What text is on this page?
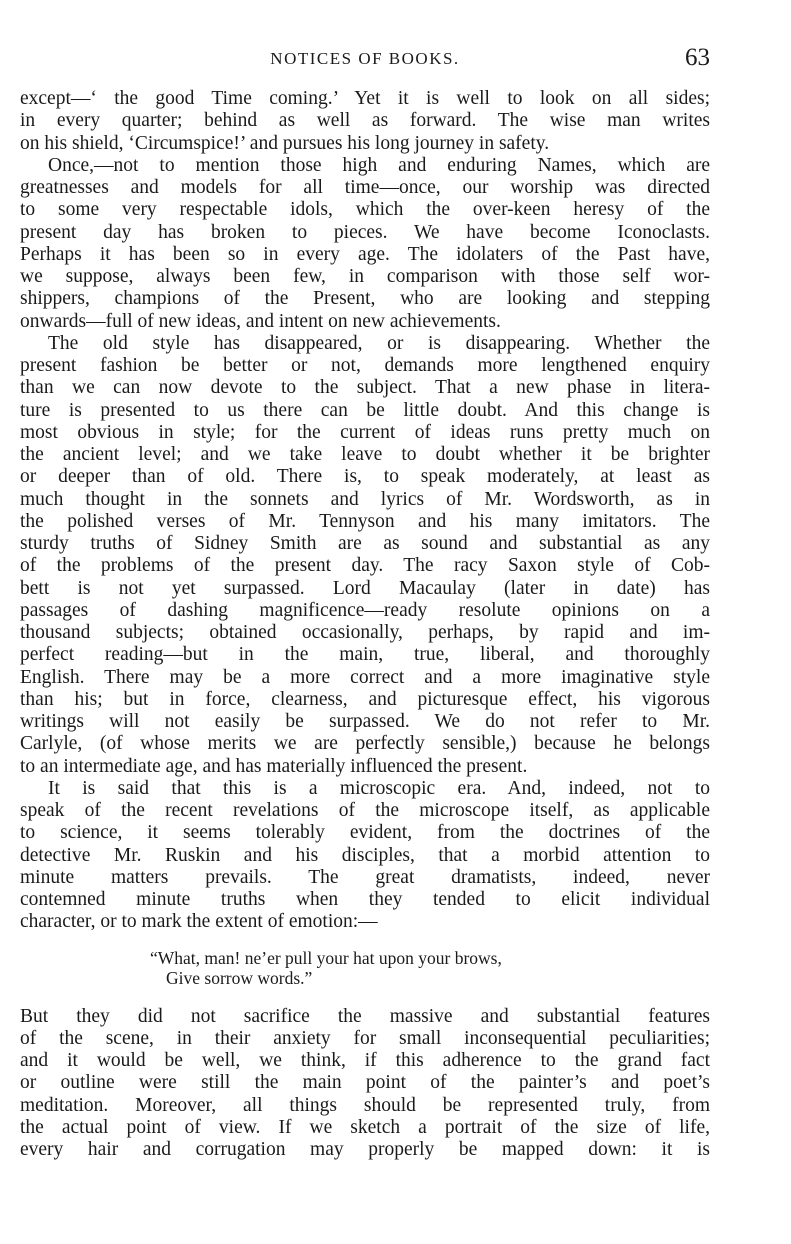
NOTICES OF BOOKS.	63
except—‘ the good Time coming.’ Yet it is well to look on all sides;
in every quarter; behind as well as forward. The wise man writes
on his shield, ‘Circumspice!’ and pursues his long journey in safety.
Once,—not to mention those high and enduring Names, which are
greatnesses and models for all time—once, our worship was directed
to some very respectable idols, which the over-keen heresy of the
present day has broken to pieces. We have become Iconoclasts.
Perhaps it has been so in every age. The idolaters of the Past have,
we suppose, always been few, in comparison with those self wor-
shippers, champions of the Present, who are looking and stepping
onwards—full of new ideas, and intent on new achievements.
The old style has disappeared, or is disappearing. Whether the
present fashion be better or not, demands more lengthened enquiry
than we can now devote to the subject. That a new phase in litera-
ture is presented to us there can be little doubt. And this change is
most obvious in style; for the current of ideas runs pretty much on
the ancient level; and we take leave to doubt whether it be brighter
or deeper than of old. There is, to speak moderately, at least as
much thought in the sonnets and lyrics of Mr. Wordsworth, as in
the polished verses of Mr. Tennyson and his many imitators. The
sturdy truths of Sidney Smith are as sound and substantial as any
of the problems of the present day. The racy Saxon style of Cob-
bett is not yet surpassed. Lord Macaulay (later in date) has
passages of dashing magnificence—ready resolute opinions on a
thousand subjects; obtained occasionally, perhaps, by rapid and im-
perfect reading—but in the main, true, liberal, and thoroughly
English. There may be a more correct and a more imaginative style
than his; but in force, clearness, and picturesque effect, his vigorous
writings will not easily be surpassed. We do not refer to Mr.
Carlyle, (of whose merits we are perfectly sensible,) because he belongs
to an intermediate age, and has materially influenced the present.
It is said that this is a microscopic era. And, indeed, not to
speak of the recent revelations of the microscope itself, as applicable
to science, it seems tolerably evident, from the doctrines of the
detective Mr. Ruskin and his disciples, that a morbid attention to
minute matters prevails. The great dramatists, indeed, never
contemned minute truths when they tended to elicit individual
character, or to mark the extent of emotion:—
“What, man! ne’er pull your hat upon your brows,
Give sorrow words.”
But they did not sacrifice the massive and substantial features
of the scene, in their anxiety for small inconsequential peculiarities;
and it would be well, we think, if this adherence to the grand fact
or outline were still the main point of the painter’s and poet’s
meditation. Moreover, all things should be represented truly, from
the actual point of view. If we sketch a portrait of the size of life,
every hair and corrugation may properly be mapped down: it is
